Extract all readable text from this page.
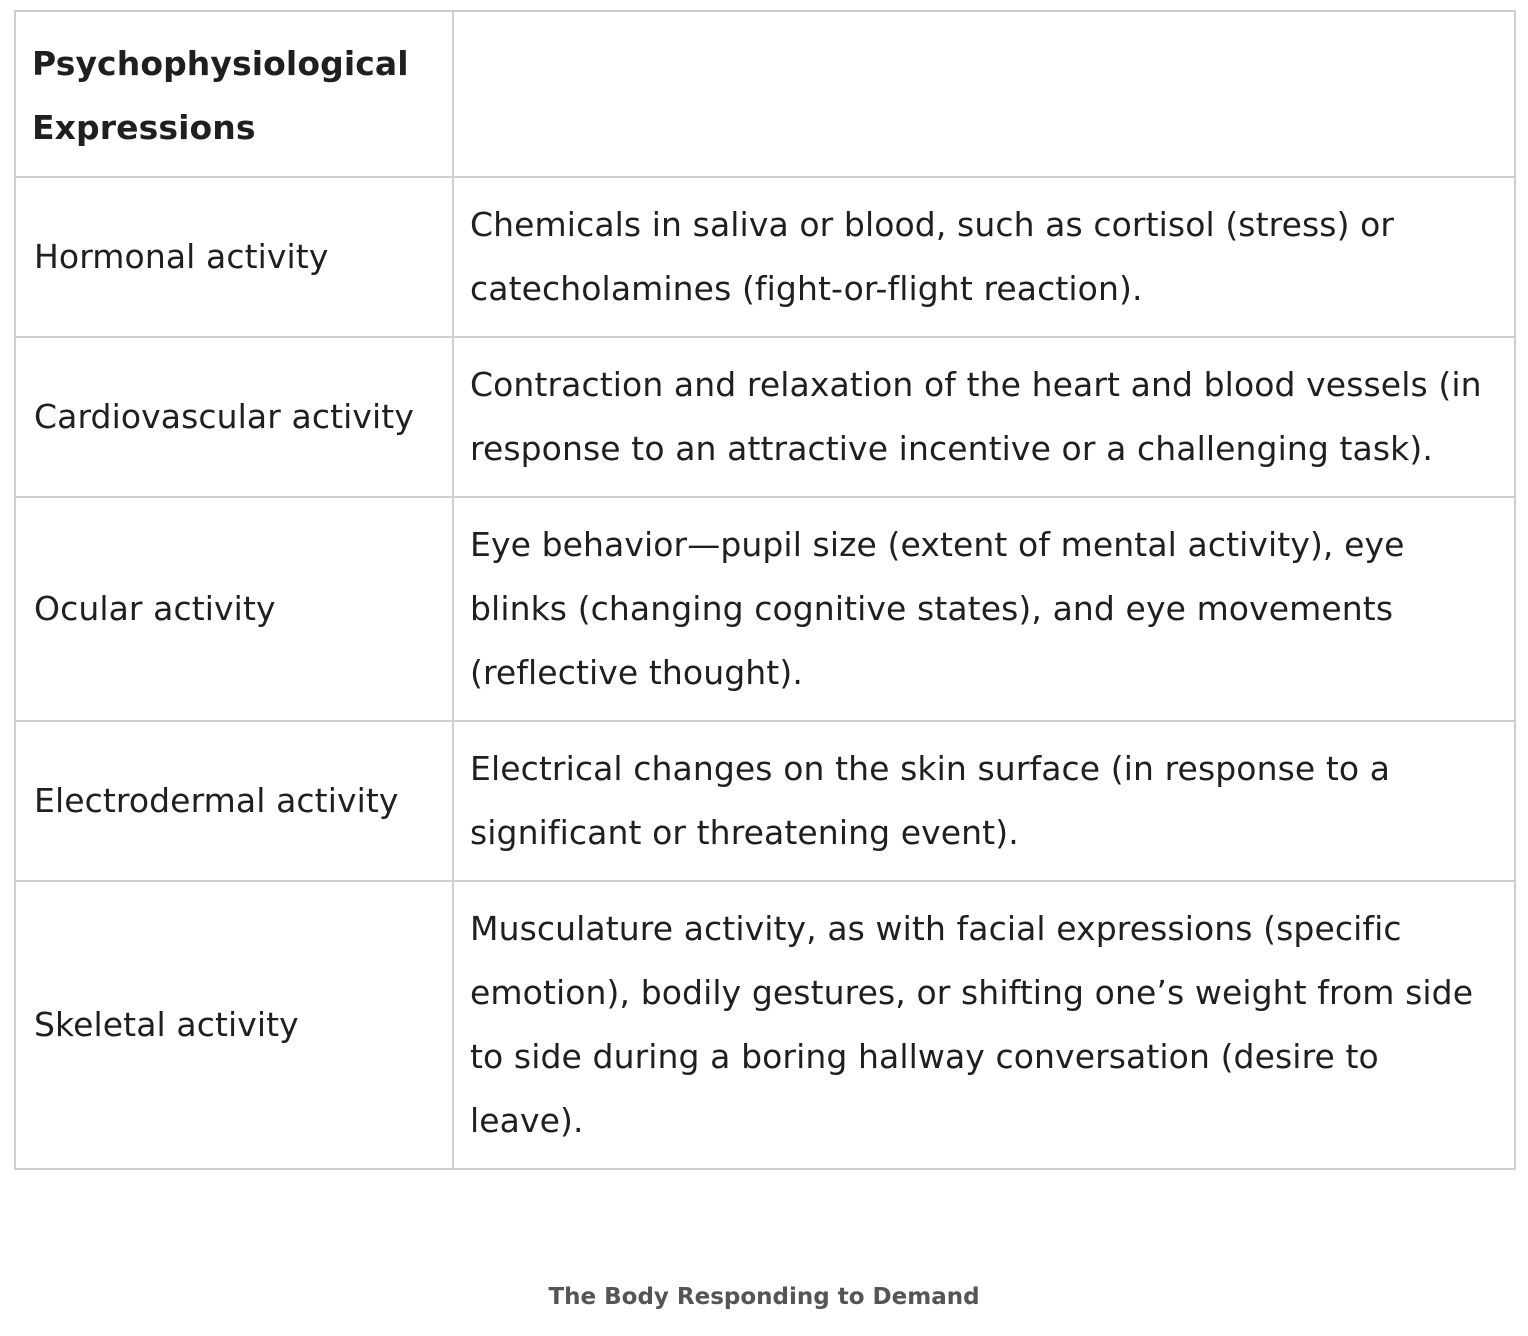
Psychophysiological Expressions	

Hormonal activity	Chemicals in saliva or blood, such as cortisol (stress) or catecholamines (fight-or-flight reaction).

Cardiovascular activity	Contraction and relaxation of the heart and blood vessels (in response to an attractive incentive or a challenging task).

Ocular activity	Eye behavior—pupil size (extent of mental activity), eye blinks (changing cognitive states), and eye movements (reflective thought).

Electrodermal activity	Electrical changes on the skin surface (in response to a significant or threatening event).

Skeletal activity	Musculature activity, as with facial expressions (specific emotion), bodily gestures, or shifting one’s weight from side to side during a boring hallway conversation (desire to leave).
The Body Responding to Demand
